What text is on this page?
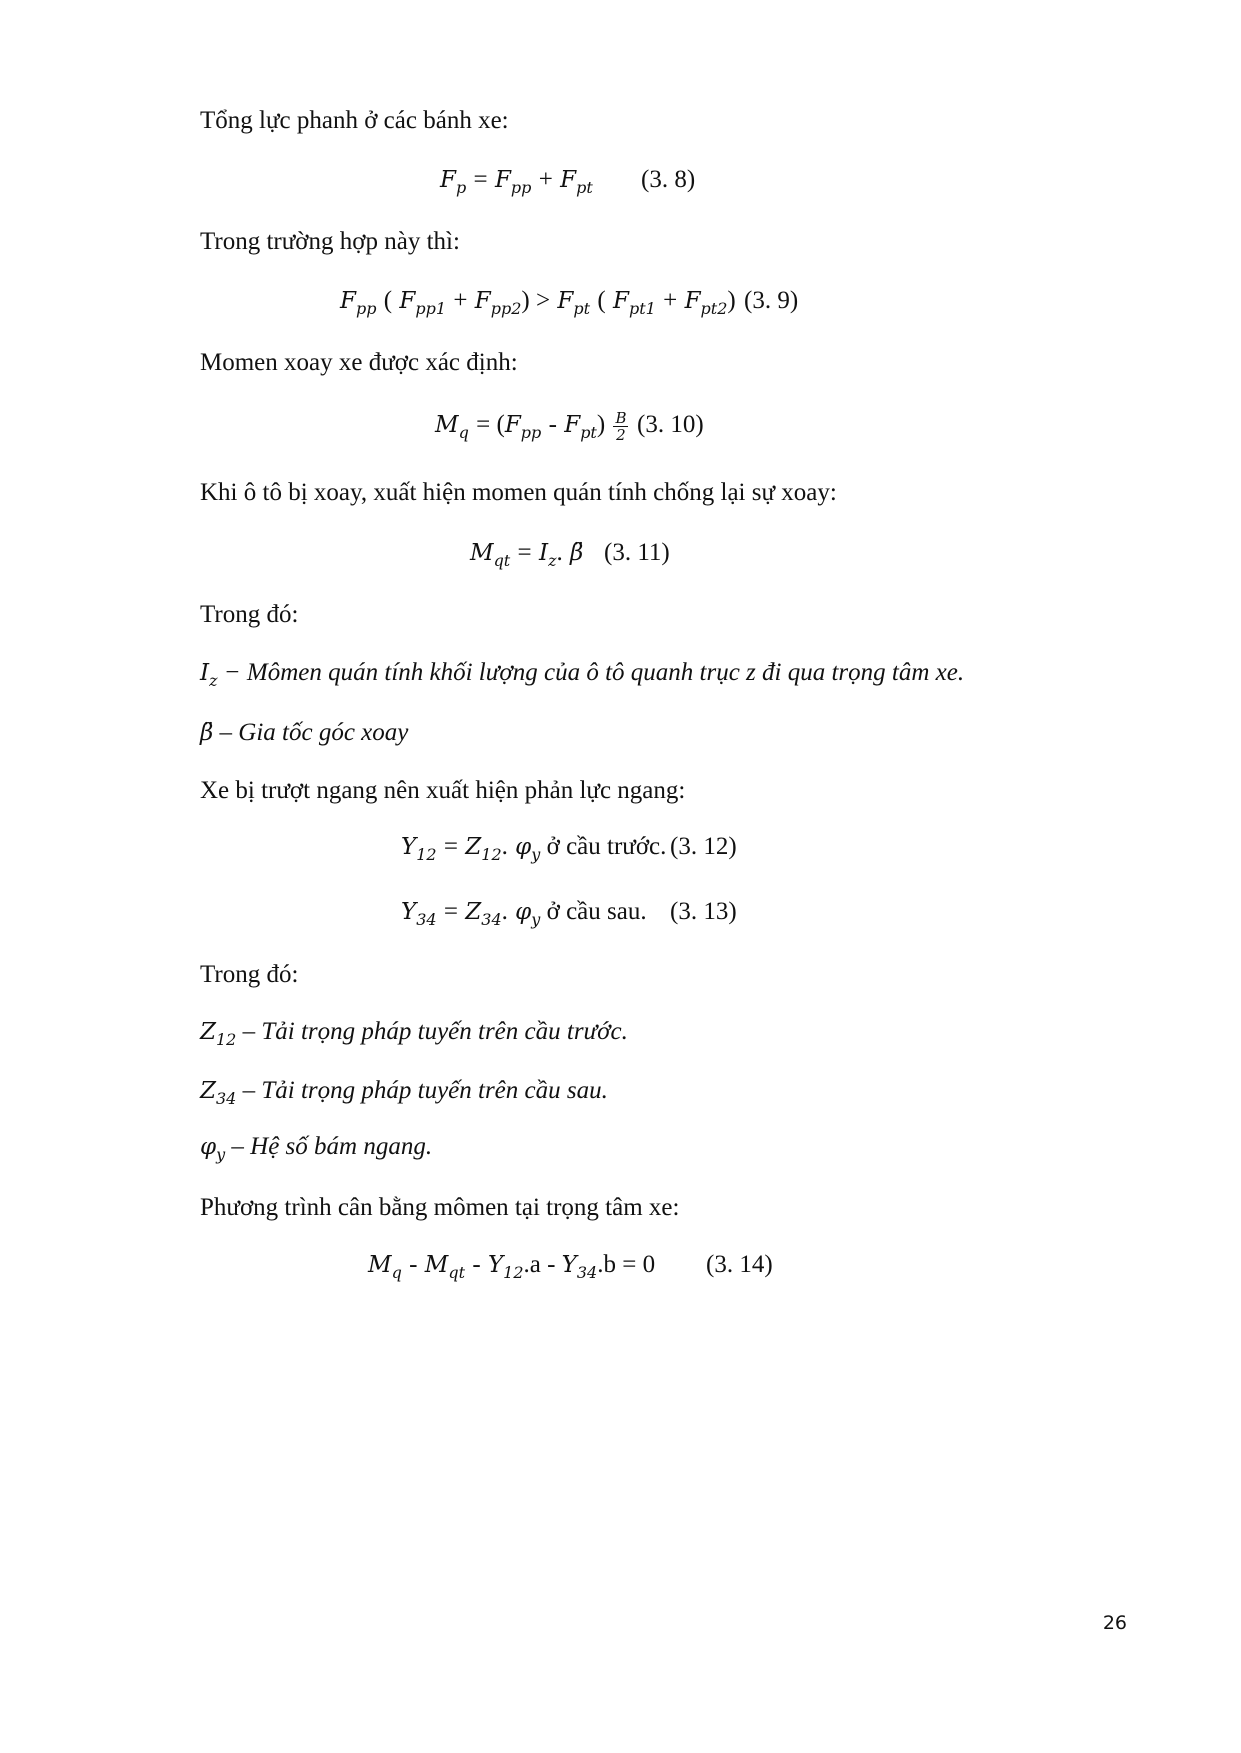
Tổng lực phanh ở các bánh xe:
$F_p = F_{pp} + F_{pt}$ (3. 8)
Trong trường hợp này thì:
$F_{pp}$ ( $F_{pp1} + F_{pp2}) > F_{pt}$ ( $F_{pt1} + F_{pt2}$) (3. 9)
Momen xoay xe được xác định:
$M_q = (F_{pp} - F_{pt}) \frac{B}{2} (3$. 10)
Khi ô tô bị xoay, xuất hiện momen quán tính chống lại sự xoay:
$M_{qt} = I_z$. β̈ (3. 11)
Trong đó:
$I_z$ − Mômen quán tính khối lượng của ô tô quanh trục z đi qua trọng tâm xe.
β̈ – Gia tốc góc xoay
Xe bị trượt ngang nên xuất hiện phản lực ngang:
$Y_{12} = Z_{12}$. $\varphi_y$ ở cầu trước. (3. 12)
$Y_{34} = Z_{34}$. $\varphi_y$ ở cầu sau. (3. 13)
Trong đó:
$Z_{12}$ – Tải trọng pháp tuyến trên cầu trước.
$Z_{34}$ – Tải trọng pháp tuyến trên cầu sau.
$\varphi_y$ – Hệ số bám ngang.
Phương trình cân bằng mômen tại trọng tâm xe:
$M_q - M_{qt} - Y_{12}.a - Y_{34}.b = 0$ (3. 14)
26
